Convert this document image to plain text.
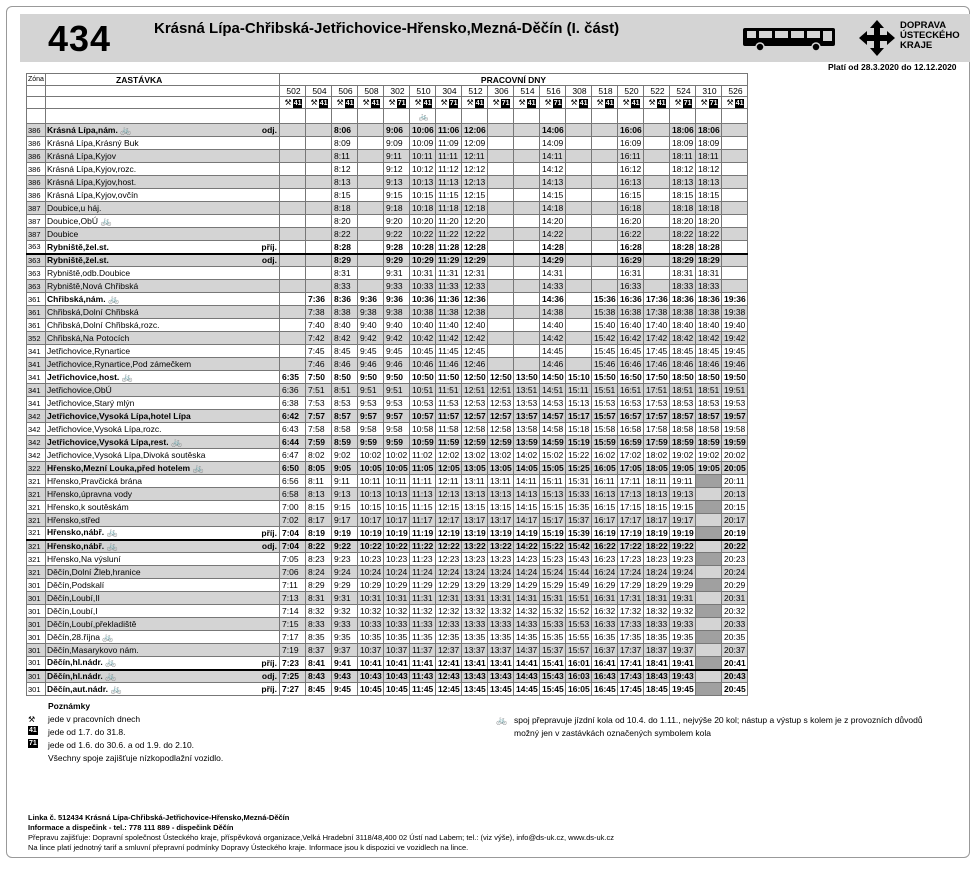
434	Krásná Lípa-Chřibská-Jetřichovice-Hřensko,Mezná-Děčín (I. část)	DOPRAVA
ÚSTECKÉHO
KRAJE
Platí od 28.3.2020 do 12.12.2020
Zóna	ZASTÁVKA		PRACOVNÍ DNY																	
			502	504	506	508	302	510	304	512	306	514	516	308	518	520	522	524	310	526
			⚒ 41	⚒ 41	⚒ 41	⚒ 41	⚒ 71	⚒ 41	⚒ 71	⚒ 41	⚒ 71	⚒ 41	⚒ 71	⚒ 41	⚒ 41	⚒ 41	⚒ 41	⚒ 71	⚒ 71	⚒ 41
								🚲												
386	Krásná Lípa,nám. 🚲	odj.			8:06		9:06	10:06	11:06	12:06			14:06			16:06		18:06	18:06	
386	Krásná Lípa,Krásný Buk				8:09		9:09	10:09	11:09	12:09			14:09			16:09		18:09	18:09	
386	Krásná Lípa,Kyjov				8:11		9:11	10:11	11:11	12:11			14:11			16:11		18:11	18:11	
386	Krásná Lípa,Kyjov,rozc.				8:12		9:12	10:12	11:12	12:12			14:12			16:12		18:12	18:12	
386	Krásná Lípa,Kyjov,host.				8:13		9:13	10:13	11:13	12:13			14:13			16:13		18:13	18:13	
386	Krásná Lípa,Kyjov,ovčín				8:15		9:15	10:15	11:15	12:15			14:15			16:15		18:15	18:15	
387	Doubice,u háj.				8:18		9:18	10:18	11:18	12:18			14:18			16:18		18:18	18:18	
387	Doubice,ObÚ 🚲				8:20		9:20	10:20	11:20	12:20			14:20			16:20		18:20	18:20	
387	Doubice				8:22		9:22	10:22	11:22	12:22			14:22			16:22		18:22	18:22	
363	Rybniště,žel.st.	příj.			8:28		9:28	10:28	11:28	12:28			14:28			16:28		18:28	18:28	
363	Rybniště,žel.st.	odj.			8:29		9:29	10:29	11:29	12:29			14:29			16:29		18:29	18:29	
363	Rybniště,odb.Doubice				8:31		9:31	10:31	11:31	12:31			14:31			16:31		18:31	18:31	
363	Rybniště,Nová Chřibská				8:33		9:33	10:33	11:33	12:33			14:33			16:33		18:33	18:33	
361	Chřibská,nám. 🚲			7:36	8:36	9:36	9:36	10:36	11:36	12:36			14:36		15:36	16:36	17:36	18:36	18:36	19:36
361	Chřibská,Dolní Chřibská			7:38	8:38	9:38	9:38	10:38	11:38	12:38			14:38		15:38	16:38	17:38	18:38	18:38	19:38
361	Chřibská,Dolní Chřibská,rozc.			7:40	8:40	9:40	9:40	10:40	11:40	12:40			14:40		15:40	16:40	17:40	18:40	18:40	19:40
352	Chřibská,Na Potocích			7:42	8:42	9:42	9:42	10:42	11:42	12:42			14:42		15:42	16:42	17:42	18:42	18:42	19:42
341	Jetřichovice,Rynartice			7:45	8:45	9:45	9:45	10:45	11:45	12:45			14:45		15:45	16:45	17:45	18:45	18:45	19:45
341	Jetřichovice,Rynartice,Pod zámečkem			7:46	8:46	9:46	9:46	10:46	11:46	12:46			14:46		15:46	16:46	17:46	18:46	18:46	19:46
341	Jetřichovice,host. 🚲		6:35	7:50	8:50	9:50	9:50	10:50	11:50	12:50	12:50	13:50	14:50	15:10	15:50	16:50	17:50	18:50	18:50	19:50
341	Jetřichovice,ObÚ		6:36	7:51	8:51	9:51	9:51	10:51	11:51	12:51	12:51	13:51	14:51	15:11	15:51	16:51	17:51	18:51	18:51	19:51
341	Jetřichovice,Starý mlýn		6:38	7:53	8:53	9:53	9:53	10:53	11:53	12:53	12:53	13:53	14:53	15:13	15:53	16:53	17:53	18:53	18:53	19:53
342	Jetřichovice,Vysoká Lípa,hotel Lípa		6:42	7:57	8:57	9:57	9:57	10:57	11:57	12:57	12:57	13:57	14:57	15:17	15:57	16:57	17:57	18:57	18:57	19:57
342	Jetřichovice,Vysoká Lípa,rozc.		6:43	7:58	8:58	9:58	9:58	10:58	11:58	12:58	12:58	13:58	14:58	15:18	15:58	16:58	17:58	18:58	18:58	19:58
342	Jetřichovice,Vysoká Lípa,rest. 🚲		6:44	7:59	8:59	9:59	9:59	10:59	11:59	12:59	12:59	13:59	14:59	15:19	15:59	16:59	17:59	18:59	18:59	19:59
342	Jetřichovice,Vysoká Lípa,Divoká soutěska		6:47	8:02	9:02	10:02	10:02	11:02	12:02	13:02	13:02	14:02	15:02	15:22	16:02	17:02	18:02	19:02	19:02	20:02
322	Hřensko,Mezní Louka,před hotelem 🚲		6:50	8:05	9:05	10:05	10:05	11:05	12:05	13:05	13:05	14:05	15:05	15:25	16:05	17:05	18:05	19:05	19:05	20:05
321	Hřensko,Pravčická brána		6:56	8:11	9:11	10:11	10:11	11:11	12:11	13:11	13:11	14:11	15:11	15:31	16:11	17:11	18:11	19:11		20:11
321	Hřensko,úpravna vody		6:58	8:13	9:13	10:13	10:13	11:13	12:13	13:13	13:13	14:13	15:13	15:33	16:13	17:13	18:13	19:13		20:13
321	Hřensko,k soutěskám		7:00	8:15	9:15	10:15	10:15	11:15	12:15	13:15	13:15	14:15	15:15	15:35	16:15	17:15	18:15	19:15		20:15
321	Hřensko,střed		7:02	8:17	9:17	10:17	10:17	11:17	12:17	13:17	13:17	14:17	15:17	15:37	16:17	17:17	18:17	19:17		20:17
321	Hřensko,nábř. 🚲	příj.	7:04	8:19	9:19	10:19	10:19	11:19	12:19	13:19	13:19	14:19	15:19	15:39	16:19	17:19	18:19	19:19		20:19
321	Hřensko,nábř. 🚲	odj.	7:04	8:22	9:22	10:22	10:22	11:22	12:22	13:22	13:22	14:22	15:22	15:42	16:22	17:22	18:22	19:22		20:22
321	Hřensko,Na výsluní		7:05	8:23	9:23	10:23	10:23	11:23	12:23	13:23	13:23	14:23	15:23	15:43	16:23	17:23	18:23	19:23		20:23
321	Děčín,Dolní Žleb,hranice		7:06	8:24	9:24	10:24	10:24	11:24	12:24	13:24	13:24	14:24	15:24	15:44	16:24	17:24	18:24	19:24		20:24
301	Děčín,Podskalí		7:11	8:29	9:29	10:29	10:29	11:29	12:29	13:29	13:29	14:29	15:29	15:49	16:29	17:29	18:29	19:29		20:29
301	Děčín,Loubí,II		7:13	8:31	9:31	10:31	10:31	11:31	12:31	13:31	13:31	14:31	15:31	15:51	16:31	17:31	18:31	19:31		20:31
301	Děčín,Loubí,I		7:14	8:32	9:32	10:32	10:32	11:32	12:32	13:32	13:32	14:32	15:32	15:52	16:32	17:32	18:32	19:32		20:32
301	Děčín,Loubí,překladiště		7:15	8:33	9:33	10:33	10:33	11:33	12:33	13:33	13:33	14:33	15:33	15:53	16:33	17:33	18:33	19:33		20:33
301	Děčín,28.října 🚲		7:17	8:35	9:35	10:35	10:35	11:35	12:35	13:35	13:35	14:35	15:35	15:55	16:35	17:35	18:35	19:35		20:35
301	Děčín,Masarykovo nám.		7:19	8:37	9:37	10:37	10:37	11:37	12:37	13:37	13:37	14:37	15:37	15:57	16:37	17:37	18:37	19:37		20:37
301	Děčín,hl.nádr. 🚲	příj.	7:23	8:41	9:41	10:41	10:41	11:41	12:41	13:41	13:41	14:41	15:41	16:01	16:41	17:41	18:41	19:41		20:41
301	Děčín,hl.nádr. 🚲	odj.	7:25	8:43	9:43	10:43	10:43	11:43	12:43	13:43	13:43	14:43	15:43	16:03	16:43	17:43	18:43	19:43		20:43
301	Děčín,aut.nádr. 🚲	příj.	7:27	8:45	9:45	10:45	10:45	11:45	12:45	13:45	13:45	14:45	15:45	16:05	16:45	17:45	18:45	19:45		20:45
Poznámky
⚒ jede v pracovních dnech
41 jede od 1.7. do 31.8.
71 jede od 1.6. do 30.6. a od 1.9. do 2.10.
Všechny spoje zajišťuje nízkopodlažní vozidlo.
🚲 spoj přepravuje jízdní kola od 10.4. do 1.11., nejvýše 20 kol; nástup a výstup s kolem je z provozních důvodů možný jen v zastávkách označených symbolem kola
Linka č. 512434 Krásná Lípa-Chřibská-Jetřichovice-Hřensko,Mezná-Děčín
Informace a dispečink - tel.: 778 111 889 - dispečink Děčín
Přepravu zajišťuje: Dopravní společnost Ústeckého kraje, příspěvková organizace,Velká Hradební 3118/48,400 02 Ústí nad Labem; tel.: (viz výše), info@ds-uk.cz, www.ds-uk.cz
Na lince platí jednotný tarif a smluvní přepravní podmínky Dopravy Ústeckého kraje. Informace jsou k dispozici ve vozidlech na lince.
